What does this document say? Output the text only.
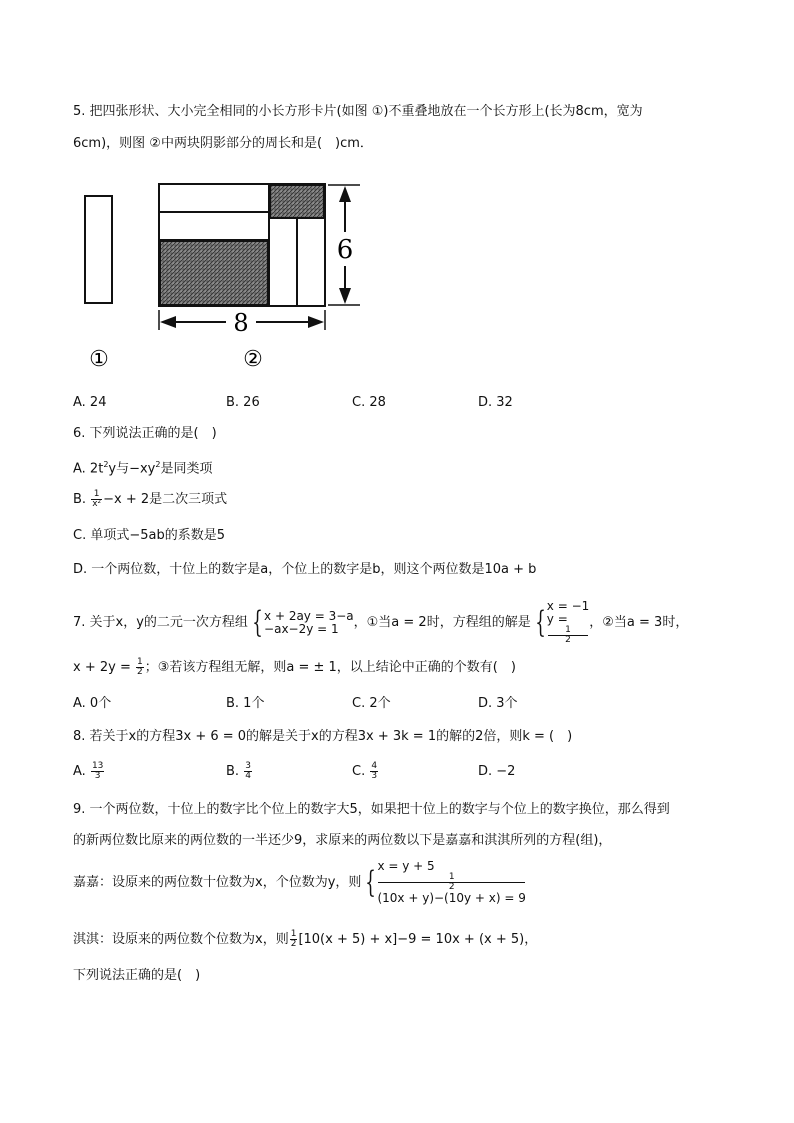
5. 把四张形状、大小完全相同的小长方形卡片(如图 ①)不重叠地放在一个长方形上(长为8cm，宽为
6cm)，则图 ②中两块阴影部分的周长和是(　)cm．
6
8
①	②
A. 24	B. 26	C. 28	D. 32
6. 下列说法正确的是(　)
A. $2t^2y$与$-xy^2$是同类项
B. $\frac{1}{\text{x²}} -x + 2$是二次三项式
C. 单项式−5ab的系数是5
D. 一个两位数，十位上的数字是a，个位上的数字是b，则这个两位数是10a + b
7. 关于x，y的二元一次方程组 { x + 2ay = 3−a
−ax−2y = 1	，①当a = 2时，方程组的解是 { x = −1
y =
1
2
，②当a = 3时，
$x + 2y = \frac{1}{2}$ ；③若该方程组无解，则a = ± 1，以上结论中正确的个数有(　)
A. 0个	B. 1个	C. 2个	D. 3个
8. 若关于x的方程3x + 6 = 0的解是关于x的方程3x + 3k = 1的解的2倍，则k = (　)
A. $\frac{13}{3}$	B. $\frac{3}{4}$	C. $\frac{4}{3}$	D. −2
9. 一个两位数，十位上的数字比个位上的数字大5，如果把十位上的数字与个位上的数字换位，那么得到
的新两位数比原来的两位数的一半还少9，求原来的两位数以下是嘉嘉和淇淇所列的方程(组)，
嘉嘉：设原来的两位数十位数为x，个位数为y，则 { x = y + 5
1
2
(10x + y)−(10y + x) = 9
淇淇：设原来的两位数个位数为x，则 $\frac{1}{2} [10(x + 5) + x]-9 = 10x + (x + 5)$，
下列说法正确的是(　)
